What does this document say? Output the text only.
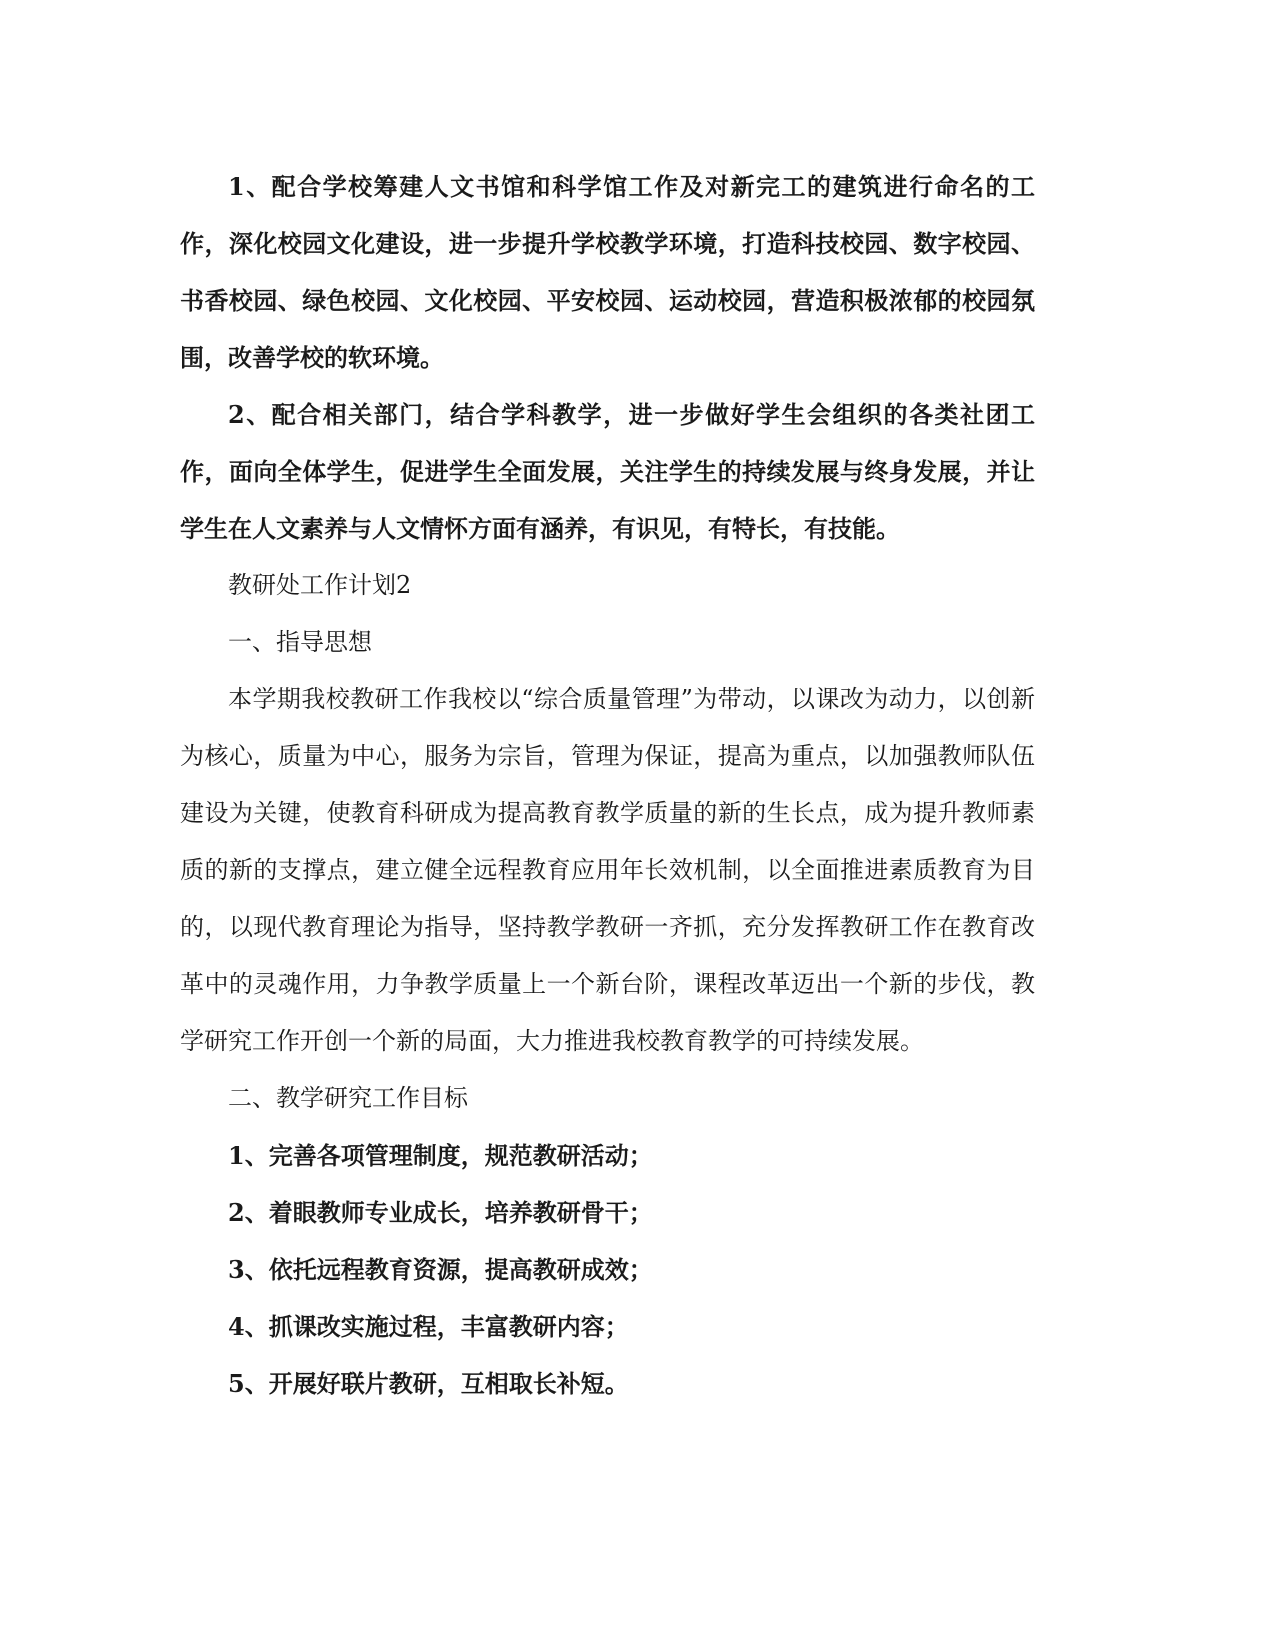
1、配合学校筹建人文书馆和科学馆工作及对新完工的建筑进行命名的工作，深化校园文化建设，进一步提升学校教学环境，打造科技校园、数字校园、书香校园、绿色校园、文化校园、平安校园、运动校园，营造积极浓郁的校园氛围，改善学校的软环境。

2、配合相关部门，结合学科教学，进一步做好学生会组织的各类社团工作，面向全体学生，促进学生全面发展，关注学生的持续发展与终身发展，并让学生在人文素养与人文情怀方面有涵养，有识见，有特长，有技能。

教研处工作计划2

一、指导思想

本学期我校教研工作我校以“综合质量管理”为带动，以课改为动力，以创新为核心，质量为中心，服务为宗旨，管理为保证，提高为重点，以加强教师队伍建设为关键，使教育科研成为提高教育教学质量的新的生长点，成为提升教师素质的新的支撑点，建立健全远程教育应用年长效机制，以全面推进素质教育为目的，以现代教育理论为指导，坚持教学教研一齐抓，充分发挥教研工作在教育改革中的灵魂作用，力争教学质量上一个新台阶，课程改革迈出一个新的步伐，教学研究工作开创一个新的局面，大力推进我校教育教学的可持续发展。

二、教学研究工作目标

1、完善各项管理制度，规范教研活动；
2、着眼教师专业成长，培养教研骨干；
3、依托远程教育资源，提高教研成效；
4、抓课改实施过程，丰富教研内容；
5、开展好联片教研，互相取长补短。
